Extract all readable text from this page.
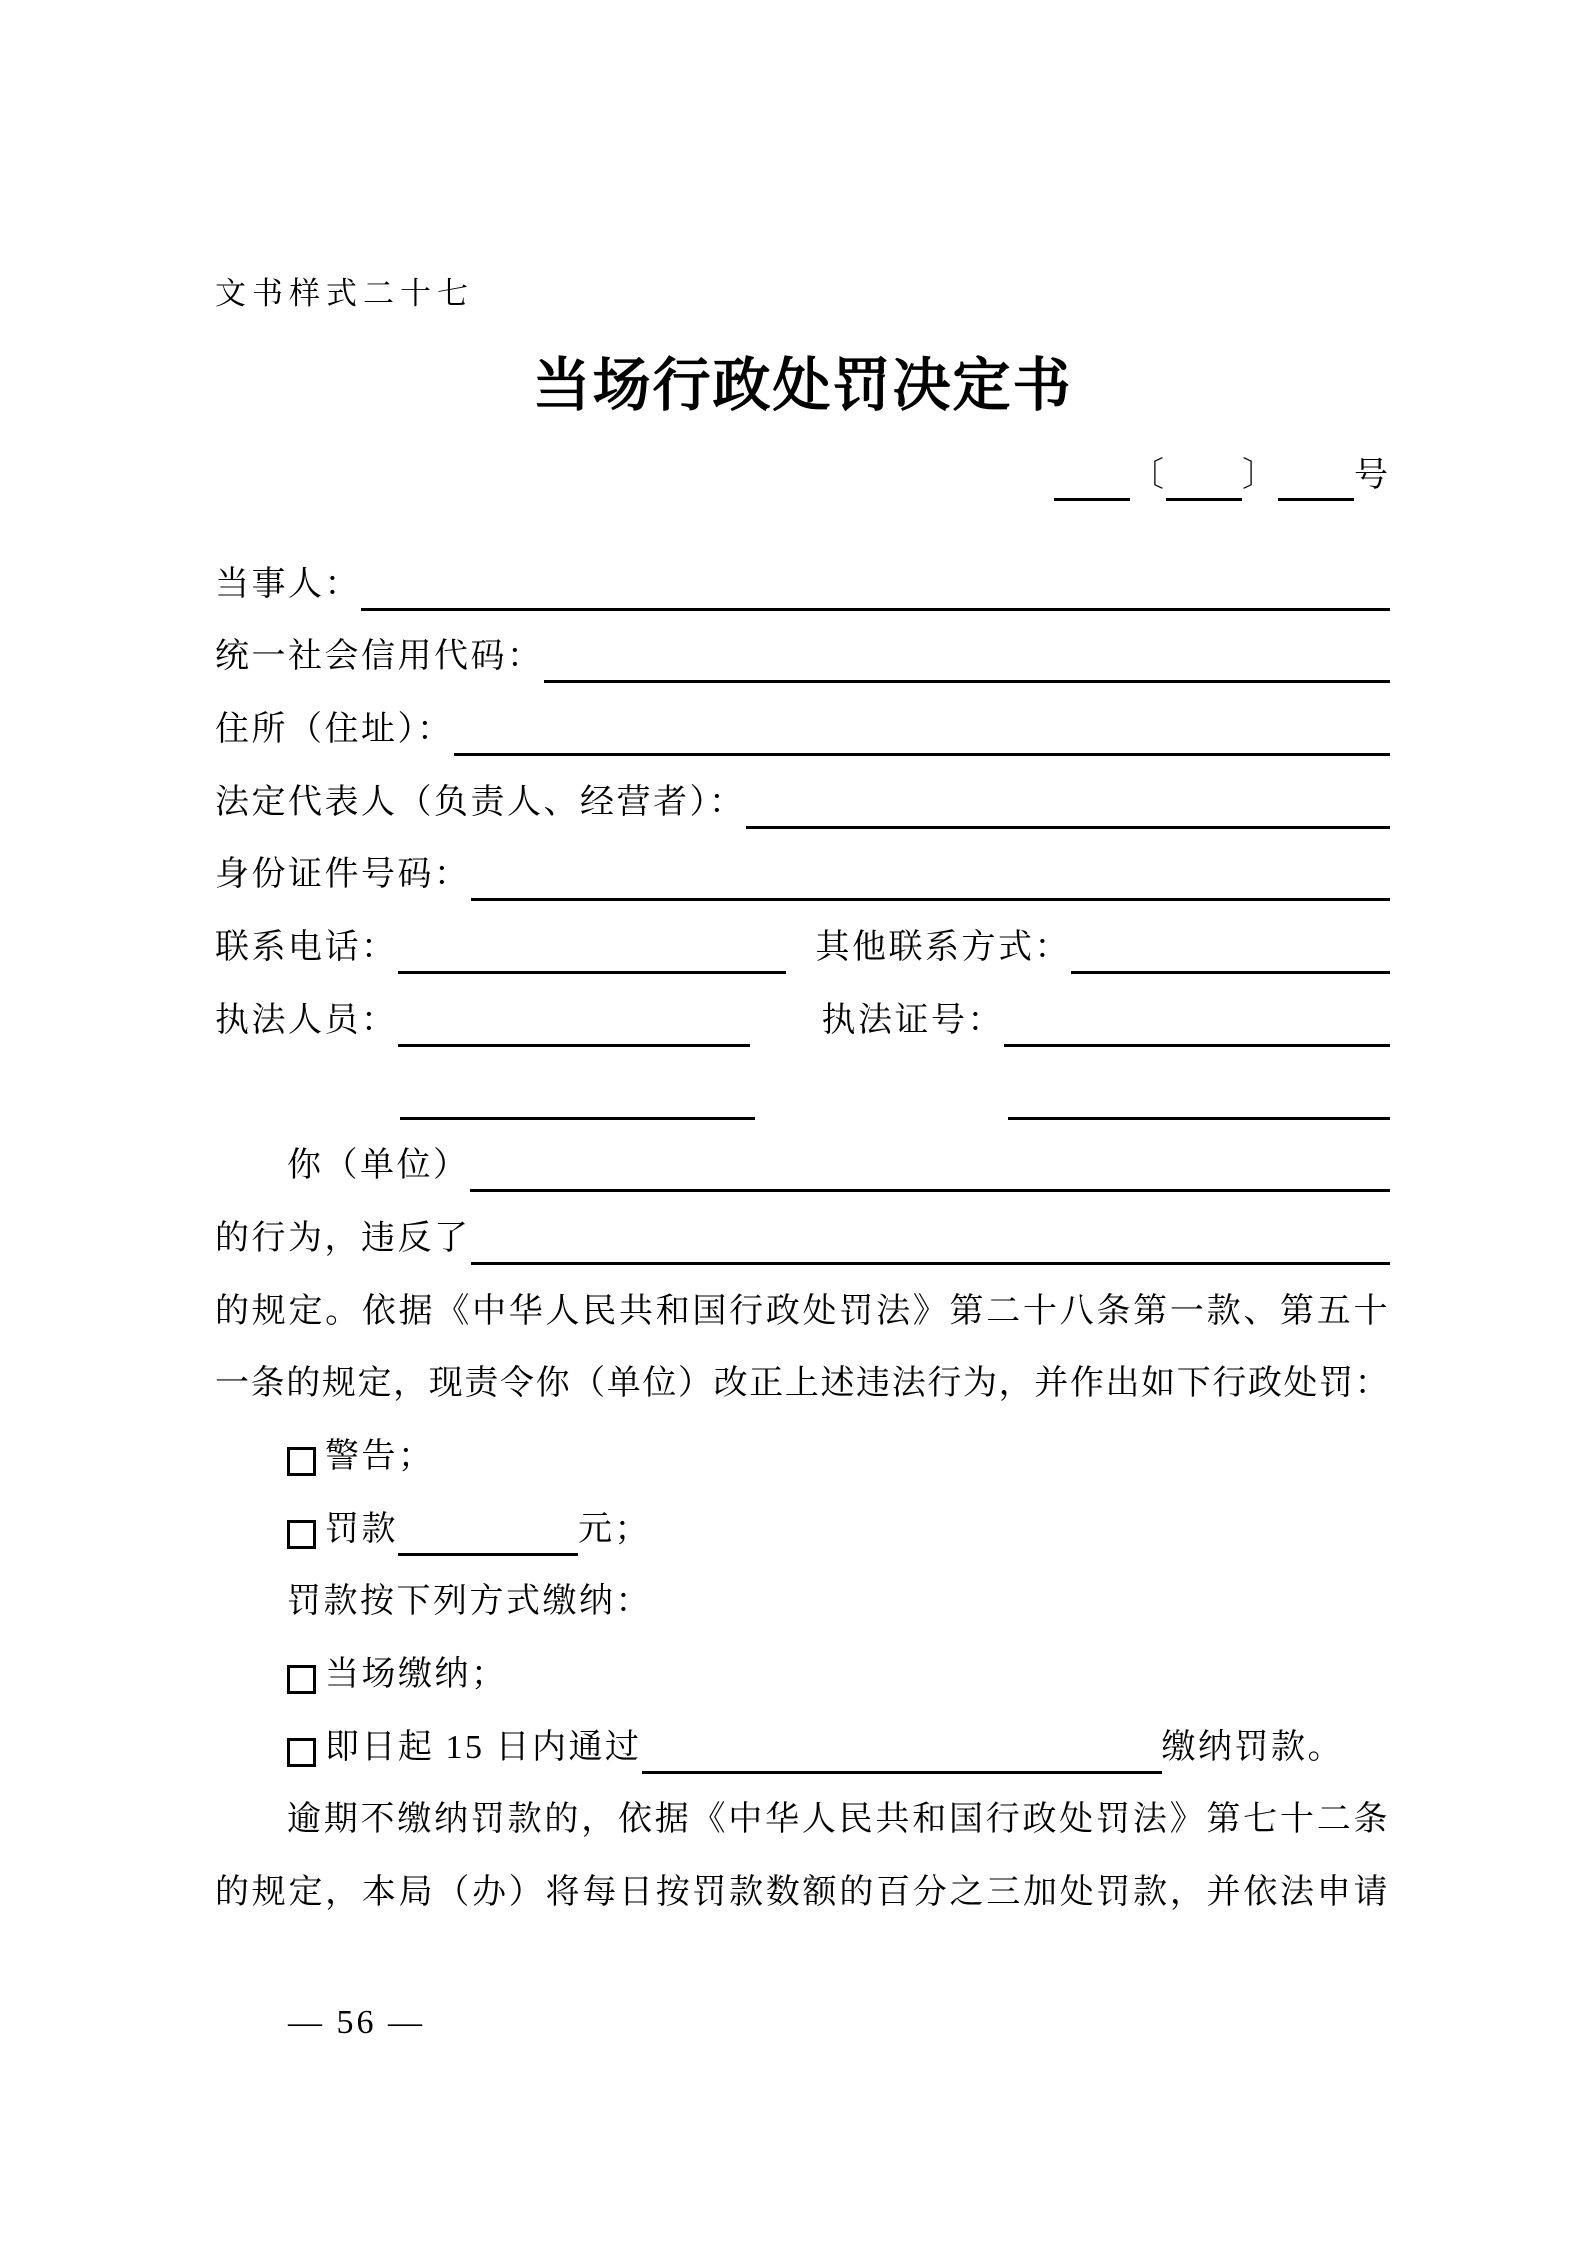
文书样式二十七
当场行政处罚决定书
〔 〕 号
当事人：
统一社会信用代码：
住所（住址）：
法定代表人（负责人、经营者）：
身份证件号码：
联系电话：	其他联系方式：
执法人员：	执法证号：
你（单位）
的行为，违反了
的规定。依据《中华人民共和国行政处罚法》第二十八条第一款、第五十
一条的规定，现责令你（单位）改正上述违法行为，并作出如下行政处罚：
警告；
罚款	元；
罚款按下列方式缴纳：
当场缴纳；
即日起 15 日内通过	缴纳罚款。
逾期不缴纳罚款的，依据《中华人民共和国行政处罚法》第七十二条
的规定，本局（办）将每日按罚款数额的百分之三加处罚款，并依法申请
— 56 —
